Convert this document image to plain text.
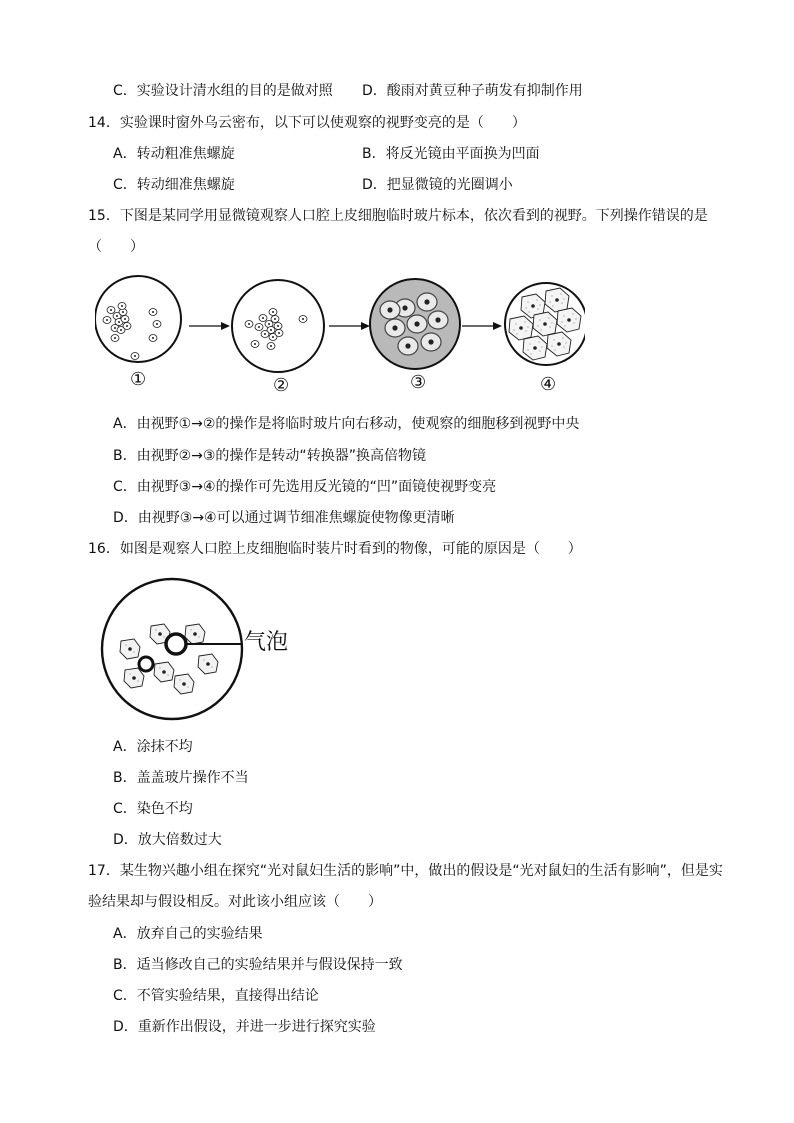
C．实验设计清水组的目的是做对照 D．酸雨对黄豆种子萌发有抑制作用
14．实验课时窗外乌云密布，以下可以使观察的视野变亮的是（　　）
A．转动粗准焦螺旋	B．将反光镜由平面换为凹面
C．转动细准焦螺旋	D．把显微镜的光圈调小
15．下图是某同学用显微镜观察人口腔上皮细胞临时玻片标本，依次看到的视野。下列操作错误的是
（　　）
①	②	③	④
A．由视野①→②的操作是将临时玻片向右移动，使观察的细胞移到视野中央
B．由视野②→③的操作是转动“转换器”换高倍物镜
C．由视野③→④的操作可先选用反光镜的“凹”面镜使视野变亮
D．由视野③→④可以通过调节细准焦螺旋使物像更清晰
16．如图是观察人口腔上皮细胞临时装片时看到的物像，可能的原因是（　　）
气泡
A．涂抹不均
B．盖盖玻片操作不当
C．染色不均
D．放大倍数过大
17．某生物兴趣小组在探究“光对鼠妇生活的影响”中，做出的假设是“光对鼠妇的生活有影响”，但是实
验结果却与假设相反。对此该小组应该（　　）
A．放弃自己的实验结果
B．适当修改自己的实验结果并与假设保持一致
C．不管实验结果，直接得出结论
D．重新作出假设，并进一步进行探究实验
